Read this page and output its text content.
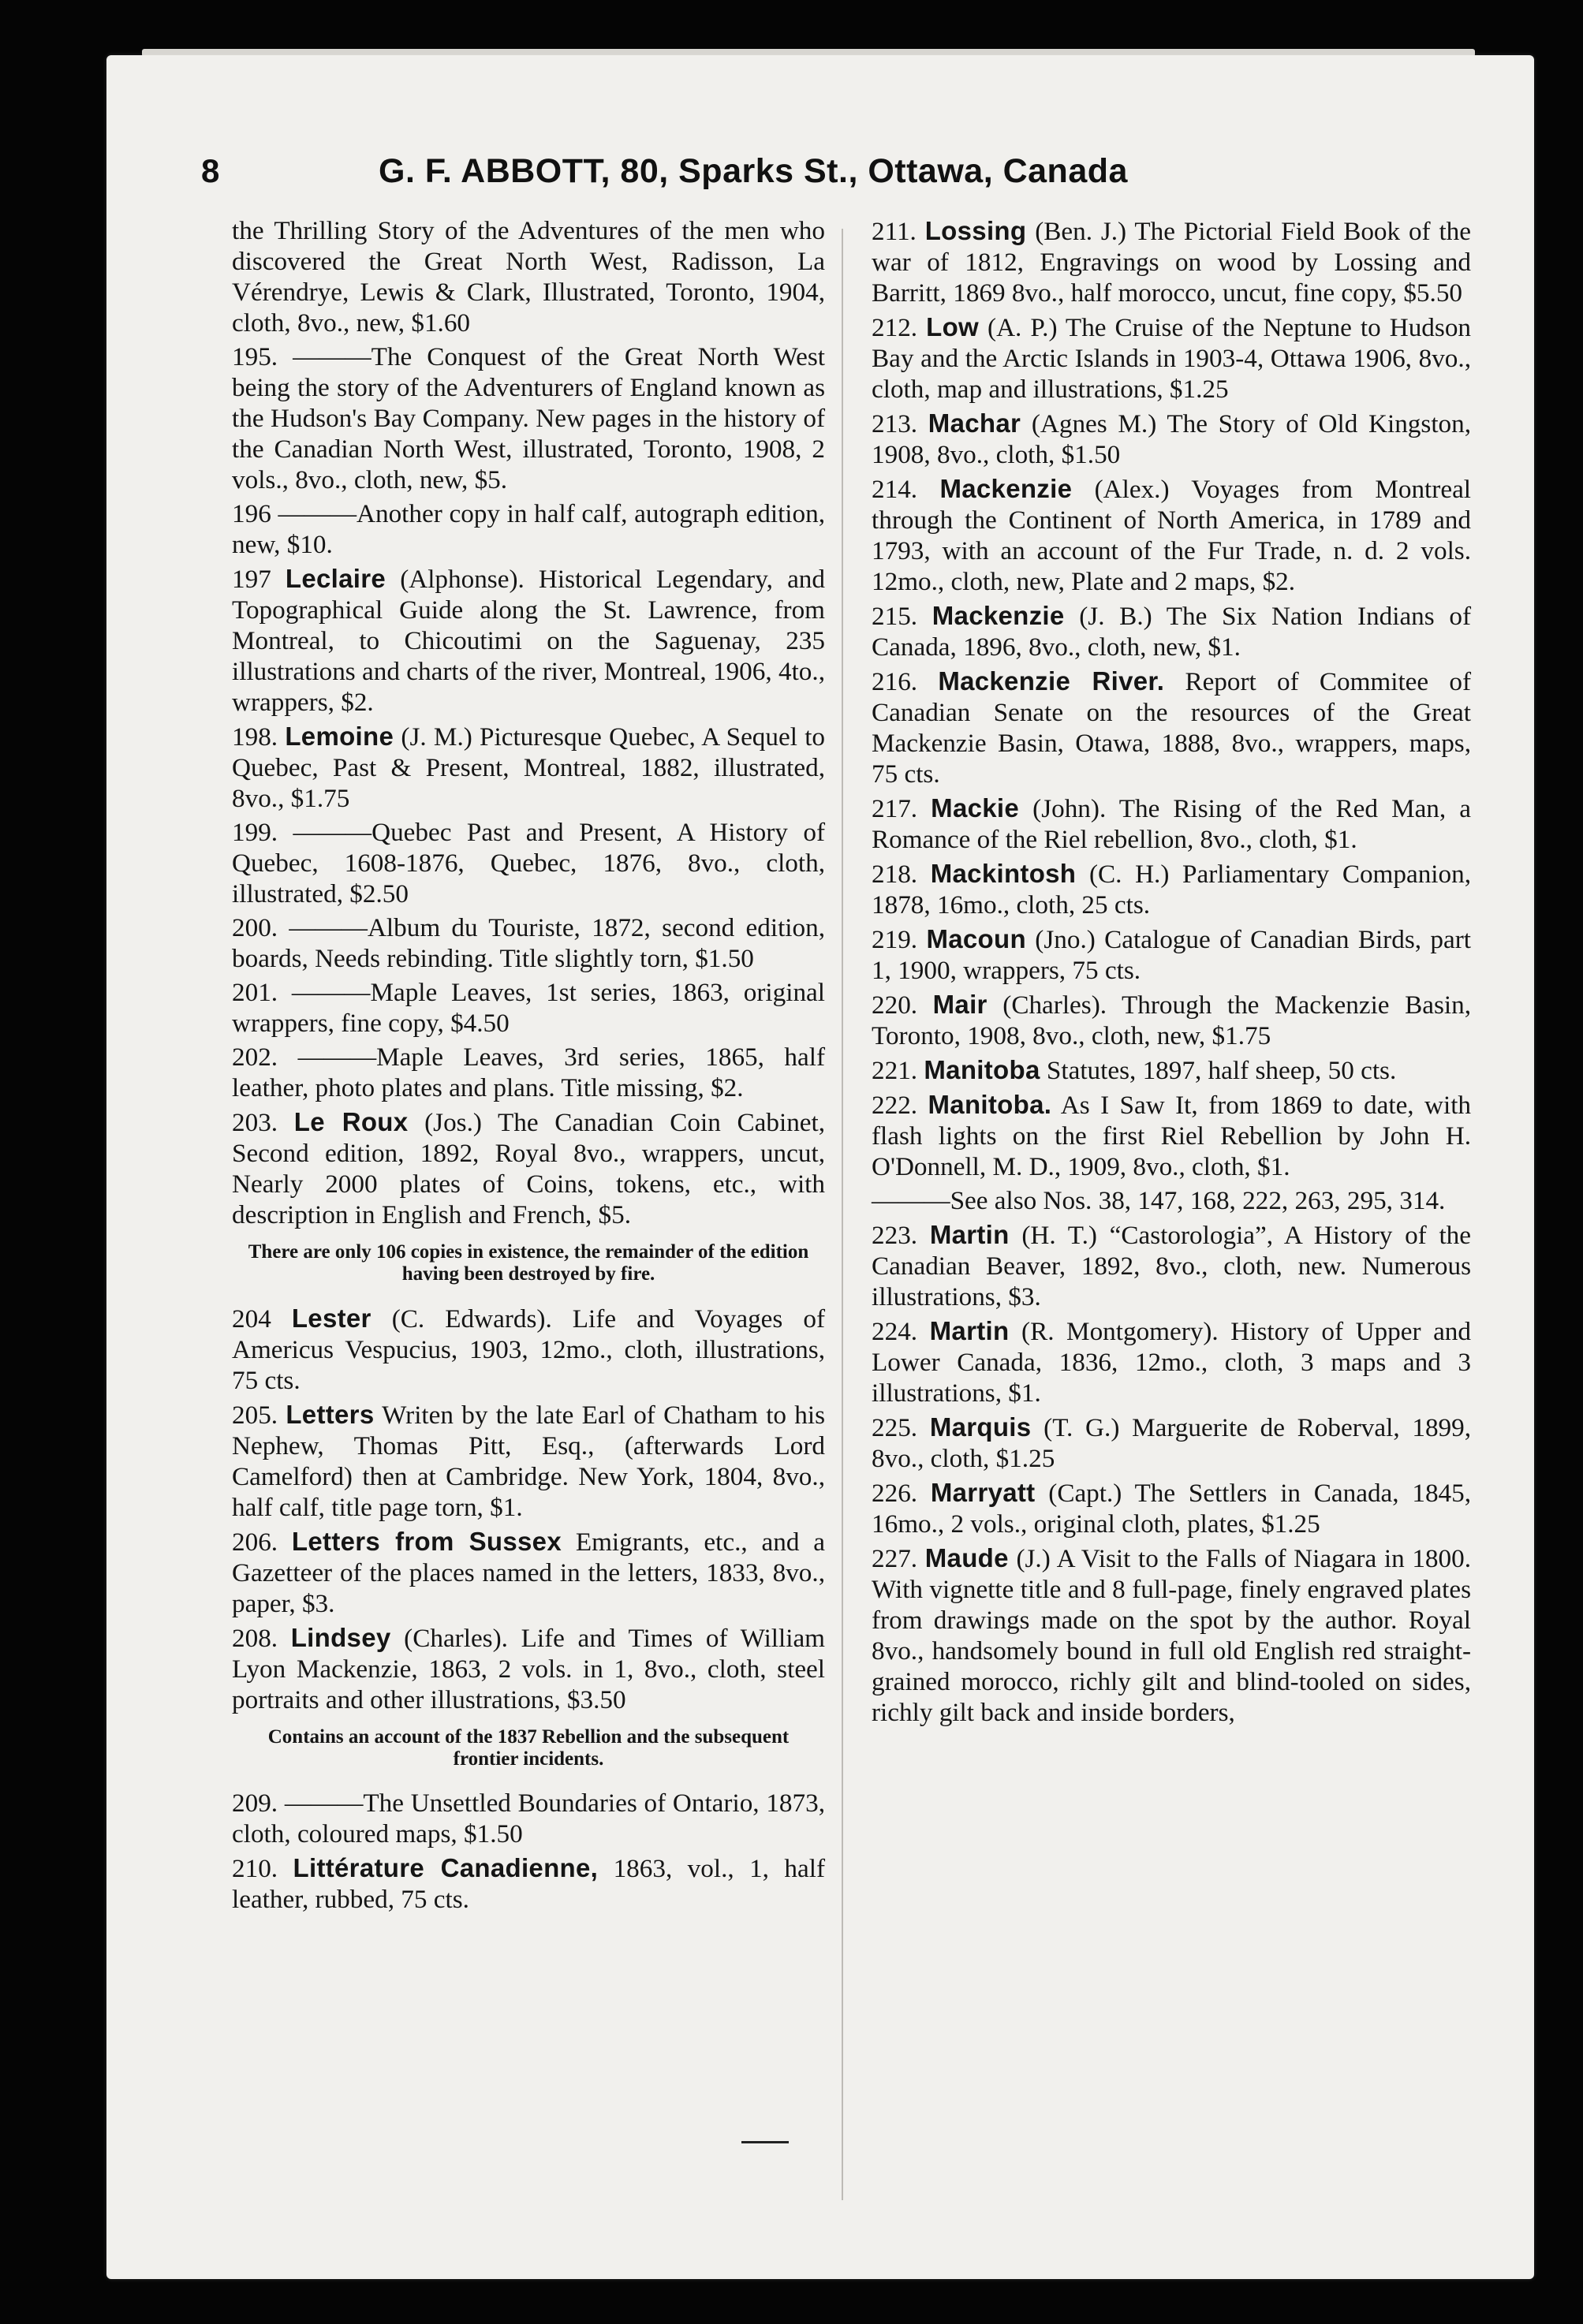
8	G. F. ABBOTT, 80, Sparks St., Ottawa, Canada
the Thrilling Story of the Adventures of the men who discovered the Great North West, Radisson, La Vérendrye, Lewis & Clark, Illustrated, Toronto, 1904, cloth, 8vo., new, $1.60
195. ———The Conquest of the Great North West being the story of the Adventurers of England known as the Hudson's Bay Company. New pages in the history of the Canadian North West, illustrated, Toronto, 1908, 2 vols., 8vo., cloth, new, $5.
196 ———Another copy in half calf, autograph edition, new, $10.
197 Leclaire (Alphonse). Historical Legendary, and Topographical Guide along the St. Lawrence, from Montreal, to Chicoutimi on the Saguenay, 235 illustrations and charts of the river, Montreal, 1906, 4to., wrappers, $2.
198. Lemoine (J. M.) Picturesque Quebec, A Sequel to Quebec, Past & Present, Montreal, 1882, illustrated, 8vo., $1.75
199. ———Quebec Past and Present, A History of Quebec, 1608-1876, Quebec, 1876, 8vo., cloth, illustrated, $2.50
200. ———Album du Touriste, 1872, second edition, boards, Needs rebinding. Title slightly torn, $1.50
201. ———Maple Leaves, 1st series, 1863, original wrappers, fine copy, $4.50
202. ———Maple Leaves, 3rd series, 1865, half leather, photo plates and plans. Title missing, $2.
203. Le Roux (Jos.) The Canadian Coin Cabinet, Second edition, 1892, Royal 8vo., wrappers, uncut, Nearly 2000 plates of Coins, tokens, etc., with description in English and French, $5.
There are only 106 copies in existence, the remainder of the edition having been destroyed by fire.
204 Lester (C. Edwards). Life and Voyages of Americus Vespucius, 1903, 12mo., cloth, illustrations, 75 cts.
205. Letters Writen by the late Earl of Chatham to his Nephew, Thomas Pitt, Esq., (afterwards Lord Camelford) then at Cambridge. New York, 1804, 8vo., half calf, title page torn, $1.
206. Letters from Sussex Emigrants, etc., and a Gazetteer of the places named in the letters, 1833, 8vo., paper, $3.
208. Lindsey (Charles). Life and Times of William Lyon Mackenzie, 1863, 2 vols. in 1, 8vo., cloth, steel portraits and other illustrations, $3.50
Contains an account of the 1837 Rebellion and the subsequent frontier incidents.
209. ———The Unsettled Boundaries of Ontario, 1873, cloth, coloured maps, $1.50
210. Littérature Canadienne, 1863, vol., 1, half leather, rubbed, 75 cts.
211. Lossing (Ben. J.) The Pictorial Field Book of the war of 1812, Engravings on wood by Lossing and Barritt, 1869 8vo., half morocco, uncut, fine copy, $5.50
212. Low (A. P.) The Cruise of the Neptune to Hudson Bay and the Arctic Islands in 1903-4, Ottawa 1906, 8vo., cloth, map and illustrations, $1.25
213. Machar (Agnes M.) The Story of Old Kingston, 1908, 8vo., cloth, $1.50
214. Mackenzie (Alex.) Voyages from Montreal through the Continent of North America, in 1789 and 1793, with an account of the Fur Trade, n. d. 2 vols. 12mo., cloth, new, Plate and 2 maps, $2.
215. Mackenzie (J. B.) The Six Nation Indians of Canada, 1896, 8vo., cloth, new, $1.
216. Mackenzie River. Report of Commitee of Canadian Senate on the resources of the Great Mackenzie Basin, Otawa, 1888, 8vo., wrappers, maps, 75 cts.
217. Mackie (John). The Rising of the Red Man, a Romance of the Riel rebellion, 8vo., cloth, $1.
218. Mackintosh (C. H.) Parliamentary Companion, 1878, 16mo., cloth, 25 cts.
219. Macoun (Jno.) Catalogue of Canadian Birds, part 1, 1900, wrappers, 75 cts.
220. Mair (Charles). Through the Mackenzie Basin, Toronto, 1908, 8vo., cloth, new, $1.75
221. Manitoba Statutes, 1897, half sheep, 50 cts.
222. Manitoba. As I Saw It, from 1869 to date, with flash lights on the first Riel Rebellion by John H. O'Donnell, M. D., 1909, 8vo., cloth, $1.
———See also Nos. 38, 147, 168, 222, 263, 295, 314.
223. Martin (H. T.) “Castorologia”, A History of the Canadian Beaver, 1892, 8vo., cloth, new. Numerous illustrations, $3.
224. Martin (R. Montgomery). History of Upper and Lower Canada, 1836, 12mo., cloth, 3 maps and 3 illustrations, $1.
225. Marquis (T. G.) Marguerite de Roberval, 1899, 8vo., cloth, $1.25
226. Marryatt (Capt.) The Settlers in Canada, 1845, 16mo., 2 vols., original cloth, plates, $1.25
227. Maude (J.) A Visit to the Falls of Niagara in 1800. With vignette title and 8 full-page, finely engraved plates from drawings made on the spot by the author. Royal 8vo., handsomely bound in full old English red straight-grained morocco, richly gilt and blind-tooled on sides, richly gilt back and inside borders,
